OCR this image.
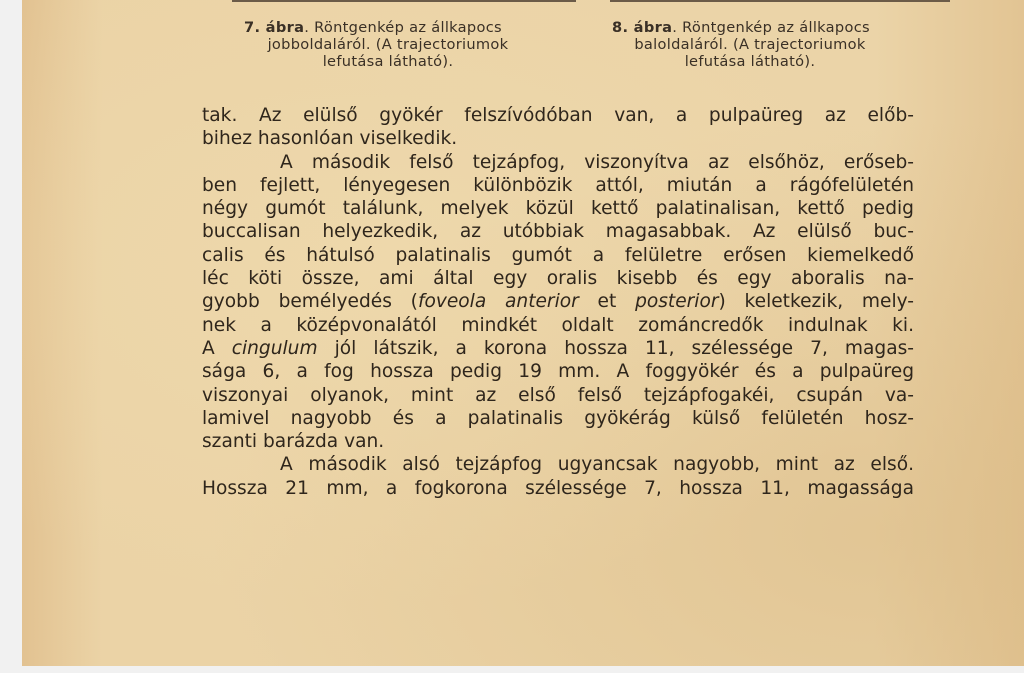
7. ábra. Röntgenkép az állkapocs
jobboldaláról. (A trajectoriumok
lefutása látható).
8. ábra. Röntgenkép az állkapocs
baloldaláról. (A trajectoriumok
lefutása látható).
tak. Az elülső gyökér felszívódóban van, a pulpaüreg az előb-
bihez hasonlóan viselkedik.
A második felső tejzápfog, viszonyítva az elsőhöz, erőseb-
ben fejlett, lényegesen különbözik attól, miután a rágófelületén
négy gumót találunk, melyek közül kettő palatinalisan, kettő pedig
buccalisan helyezkedik, az utóbbiak magasabbak. Az elülső buc-
calis és hátulsó palatinalis gumót a felületre erősen kiemelkedő
léc köti össze, ami által egy oralis kisebb és egy aboralis na-
gyobb bemélyedés (foveola anterior et posterior) keletkezik, mely-
nek a középvonalától mindkét oldalt zománcredők indulnak ki.
A cingulum jól látszik, a korona hossza 11, szélessége 7, magas-
sága 6, a fog hossza pedig 19 mm. A foggyökér és a pulpaüreg
viszonyai olyanok, mint az első felső tejzápfogakéi, csupán va-
lamivel nagyobb és a palatinalis gyökérág külső felületén hosz-
szanti barázda van.
A második alsó tejzápfog ugyancsak nagyobb, mint az első.
Hossza 21 mm, a fogkorona szélessége 7, hossza 11, magassága
